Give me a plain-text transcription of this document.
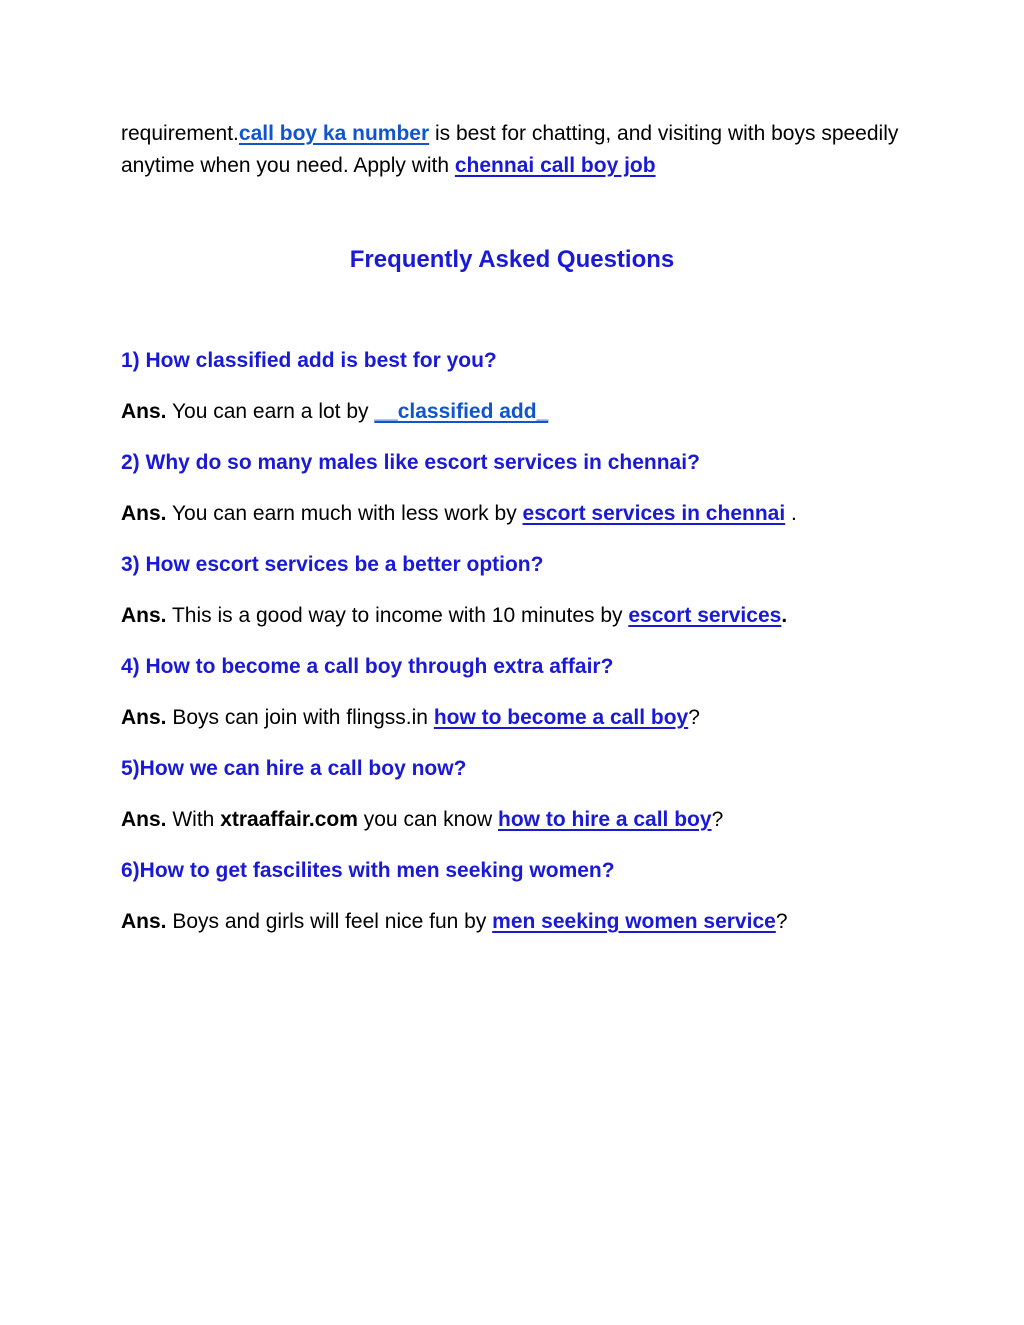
requirement.call boy ka number is best for chatting, and visiting with boys speedily anytime when you need. Apply with chennai call boy job

Frequently Asked Questions

1) How classified add is best for you?

Ans. You can earn a lot by __classified add_

2) Why do so many males like escort services in chennai?

Ans. You can earn much with less work by escort services in chennai .

3) How escort services be a better option?

Ans. This is a good way to income with 10 minutes by escort services.

4) How to become a call boy through extra affair?

Ans. Boys can join with flingss.in how to become a call boy?

5)How we can hire a call boy now?

Ans. With xtraaffair.com you can know how to hire a call boy?

6)How to get fascilites with men seeking women?

Ans. Boys and girls will feel nice fun by men seeking women service?
